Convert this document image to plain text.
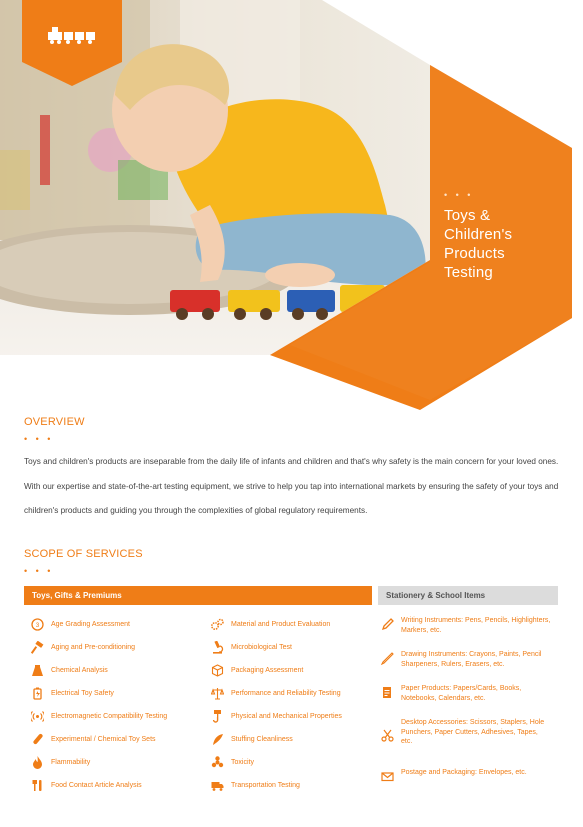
• • •
Toys &
Children's
Products
Testing
OVERVIEW
• • •
Toys and children's products are inseparable from the daily life of infants and children and that's why safety is the main concern for your loved ones. With our expertise and state-of-the-art testing equipment, we strive to help you tap into international markets by ensuring the safety of your toys and children's products and guiding you through the complexities of global regulatory requirements.
SCOPE OF SERVICES
• • •
Toys, Gifts & Premiums	Stationery & School Items
3 Age Grading Assessment
Aging and Pre-conditioning
Chemical Analysis
Electrical Toy Safety
Electromagnetic Compatibility Testing
Experimental / Chemical Toy Sets
Flammability
Food Contact Article Analysis
Material and Product Evaluation
Microbiological Test
Packaging Assessment
Performance and Reliability Testing
Physical and Mechanical Properties
Stuffing Cleanliness
Toxicity
Transportation Testing
Writing Instruments: Pens, Pencils, Highlighters, Markers, etc.
Drawing Instruments: Crayons, Paints, Pencil Sharpeners, Rulers, Erasers, etc.
Paper Products: Papers/Cards, Books, Notebooks, Calendars, etc.
Desktop Accessories: Scissors, Staplers, Hole Punchers, Paper Cutters, Adhesives, Tapes, etc.
Postage and Packaging: Envelopes, etc.
